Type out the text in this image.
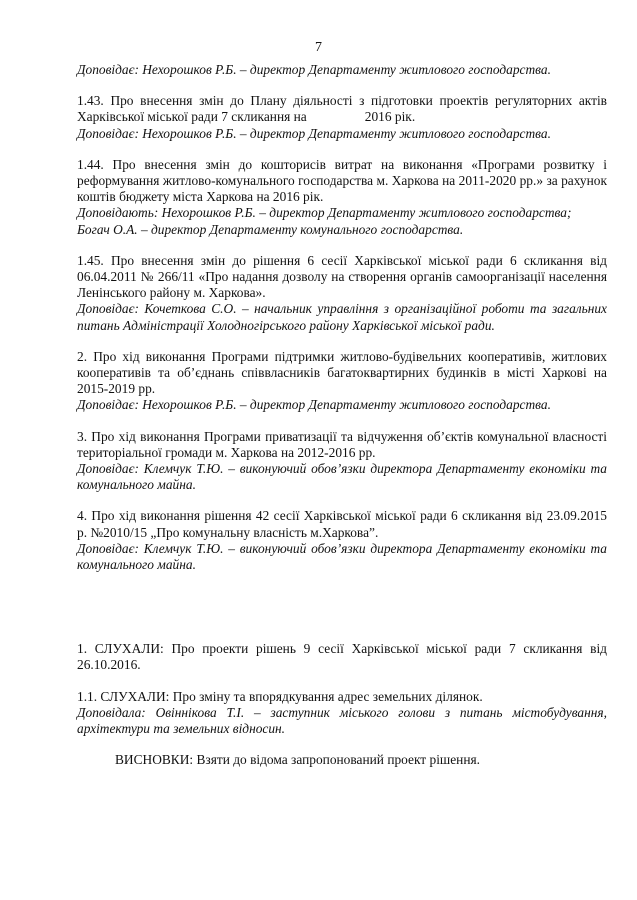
7

Доповідає: Нехорошков Р.Б. – директор Департаменту житлового господарства.

1.43. Про внесення змін до Плану діяльності з підготовки проектів регуляторних актів Харківської міської ради 7 скликання на	2016 рік.

Доповідає: Нехорошков Р.Б. – директор Департаменту житлового господарства.

1.44. Про внесення змін до кошторисів витрат на виконання «Програми розвитку і реформування житлово-комунального господарства м. Харкова на 2011-2020 рр.» за рахунок коштів бюджету міста Харкова на 2016 рік.

Доповідають: Нехорошков Р.Б. – директор Департаменту житлового господарства;

Богач О.А. – директор Департаменту комунального господарства.

1.45. Про внесення змін до рішення 6 сесії Харківської міської ради 6 скликання від 06.04.2011 № 266/11 «Про надання дозволу на створення органів самоорганізації населення Ленінського району м. Харкова».

Доповідає: Кочеткова С.О. – начальник управління з організаційної роботи та загальних питань Адміністрації Холодногірського району Харківської міської ради.

2. Про хід виконання Програми підтримки житлово-будівельних кооперативів, житлових кооперативів та об’єднань співвласників багатоквартирних будинків в місті Харкові на 2015-2019 рр.

Доповідає: Нехорошков Р.Б. – директор Департаменту житлового господарства.

3. Про хід виконання Програми приватизації та відчуження об’єктів комунальної власності територіальної громади м. Харкова на 2012-2016 рр.

Доповідає: Клемчук Т.Ю. – виконуючий обов’язки директора Департаменту економіки та комунального майна.

4. Про хід виконання рішення 42 сесії Харківської міської ради 6 скликання від 23.09.2015 р. №2010/15 „Про комунальну власність м.Харкова”.

Доповідає: Клемчук Т.Ю. – виконуючий обов’язки директора Департаменту економіки та комунального майна.

1. СЛУХАЛИ: Про проекти рішень 9 сесії Харківської міської ради 7 скликання від 26.10.2016.

1.1. СЛУХАЛИ: Про зміну та впорядкування адрес земельних ділянок.

Доповідала: Овіннікова Т.І. – заступник міського голови з питань містобудування, архітектури та земельних відносин.

ВИСНОВКИ: Взяти до відома запропонований проект рішення.
